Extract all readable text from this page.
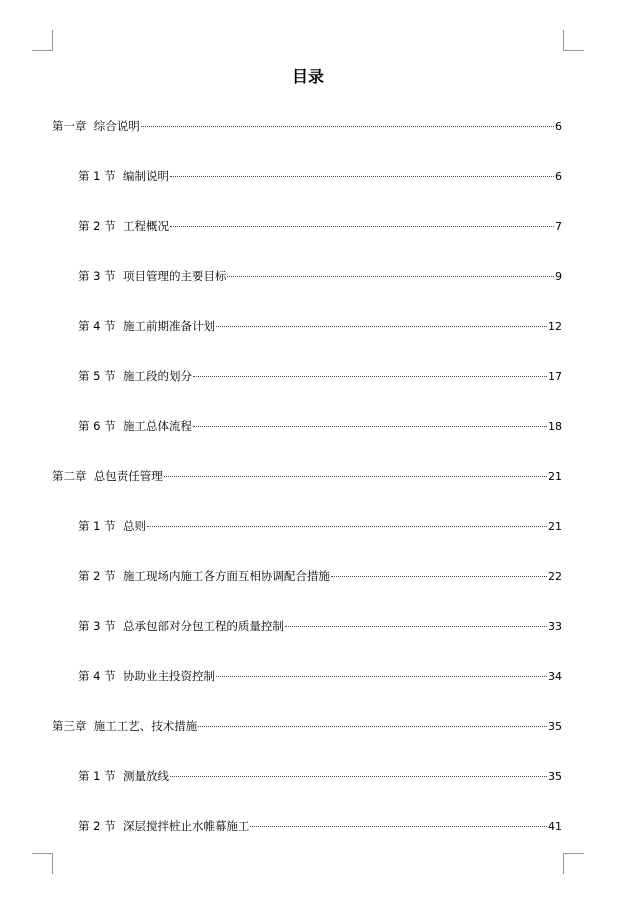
目录
第一章  综合说明	6
第 1 节  编制说明	6
第 2 节  工程概况	7
第 3 节  项目管理的主要目标	9
第 4 节  施工前期准备计划	12
第 5 节  施工段的划分	17
第 6 节  施工总体流程	18
第二章  总包责任管理	21
第 1 节  总则	21
第 2 节  施工现场内施工各方面互相协调配合措施	22
第 3 节  总承包部对分包工程的质量控制	33
第 4 节  协助业主投资控制	34
第三章  施工工艺、技术措施	35
第 1 节  测量放线	35
第 2 节  深层搅拌桩止水帷幕施工	41
